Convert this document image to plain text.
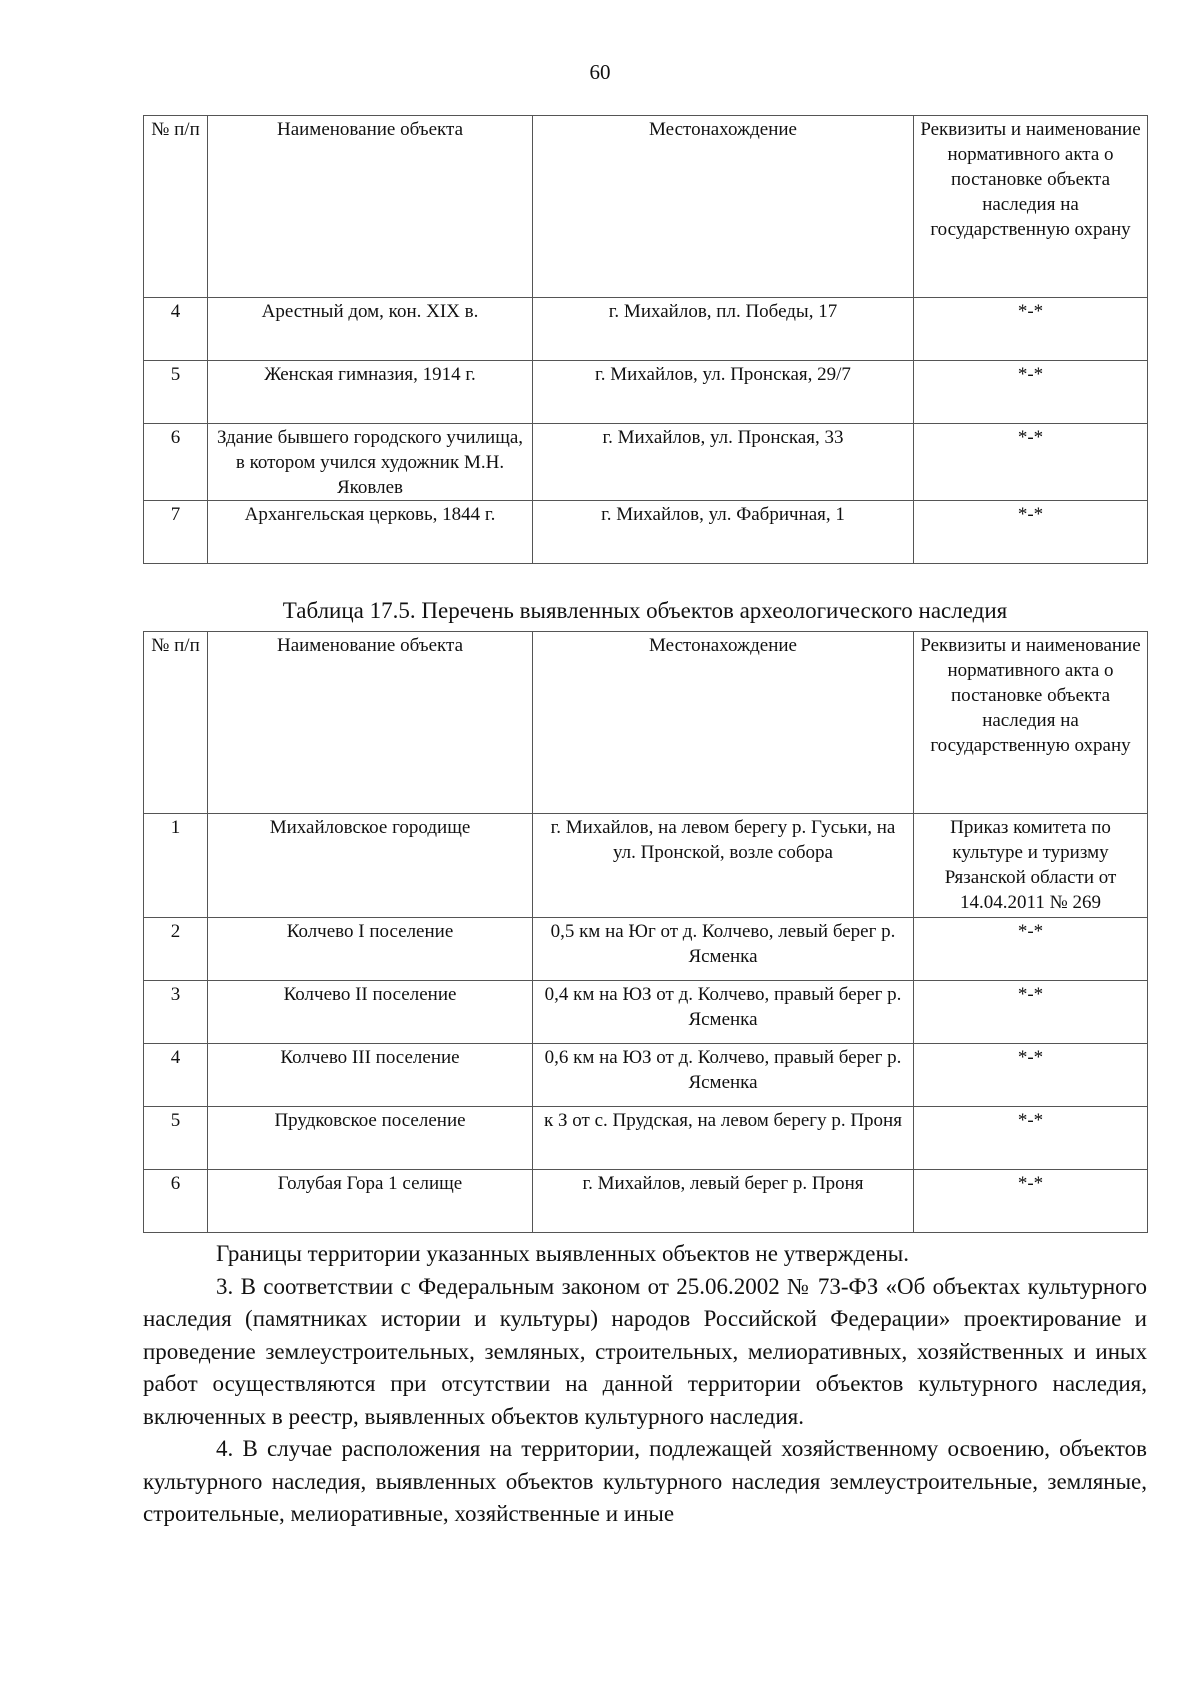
60
№ п/п	Наименование объекта	Местонахождение	Реквизиты и наименование нормативного акта о постановке объекта наследия на государственную охрану
4	Арестный дом, кон. XIX в.	г. Михайлов, пл. Победы, 17	*-*
5	Женская гимназия, 1914 г.	г. Михайлов, ул. Пронская, 29/7	*-*
6	Здание бывшего городского училища, в котором учился художник М.Н. Яковлев	г. Михайлов, ул. Пронская, 33	*-*
7	Архангельская церковь, 1844 г.	г. Михайлов, ул. Фабричная, 1	*-*
Таблица 17.5. Перечень выявленных объектов археологического наследия
№ п/п	Наименование объекта	Местонахождение	Реквизиты и наименование нормативного акта о постановке объекта наследия на государственную охрану
1	Михайловское городище	г. Михайлов, на левом берегу р. Гуськи, на ул. Пронской, возле собора	Приказ комитета по культуре и туризму Рязанской области от 14.04.2011 № 269
2	Колчево I поселение	0,5 км на Юг от д. Колчево, левый берег р. Ясменка	*-*
3	Колчево II поселение	0,4 км на ЮЗ от д. Колчево, правый берег р. Ясменка	*-*
4	Колчево III поселение	0,6 км на ЮЗ от д. Колчево, правый берег р. Ясменка	*-*
5	Прудковское поселение	к З от с. Прудская, на левом берегу р. Проня	*-*
6	Голубая Гора 1 селище	г. Михайлов, левый берег р. Проня	*-*

Границы территории указанных выявленных объектов не утверждены.

3. В соответствии с Федеральным законом от 25.06.2002 № 73-ФЗ «Об объектах культурного наследия (памятниках истории и культуры) народов Российской Федерации» проектирование и проведение землеустроительных, земляных, строительных, мелиоративных, хозяйственных и иных работ осуществляются при отсутствии на данной территории объектов культурного наследия, включенных в реестр, выявленных объектов культурного наследия.

4. В случае расположения на территории, подлежащей хозяйственному освоению, объектов культурного наследия, выявленных объектов культурного наследия землеустроительные, земляные, строительные, мелиоративные, хозяйственные и иные
